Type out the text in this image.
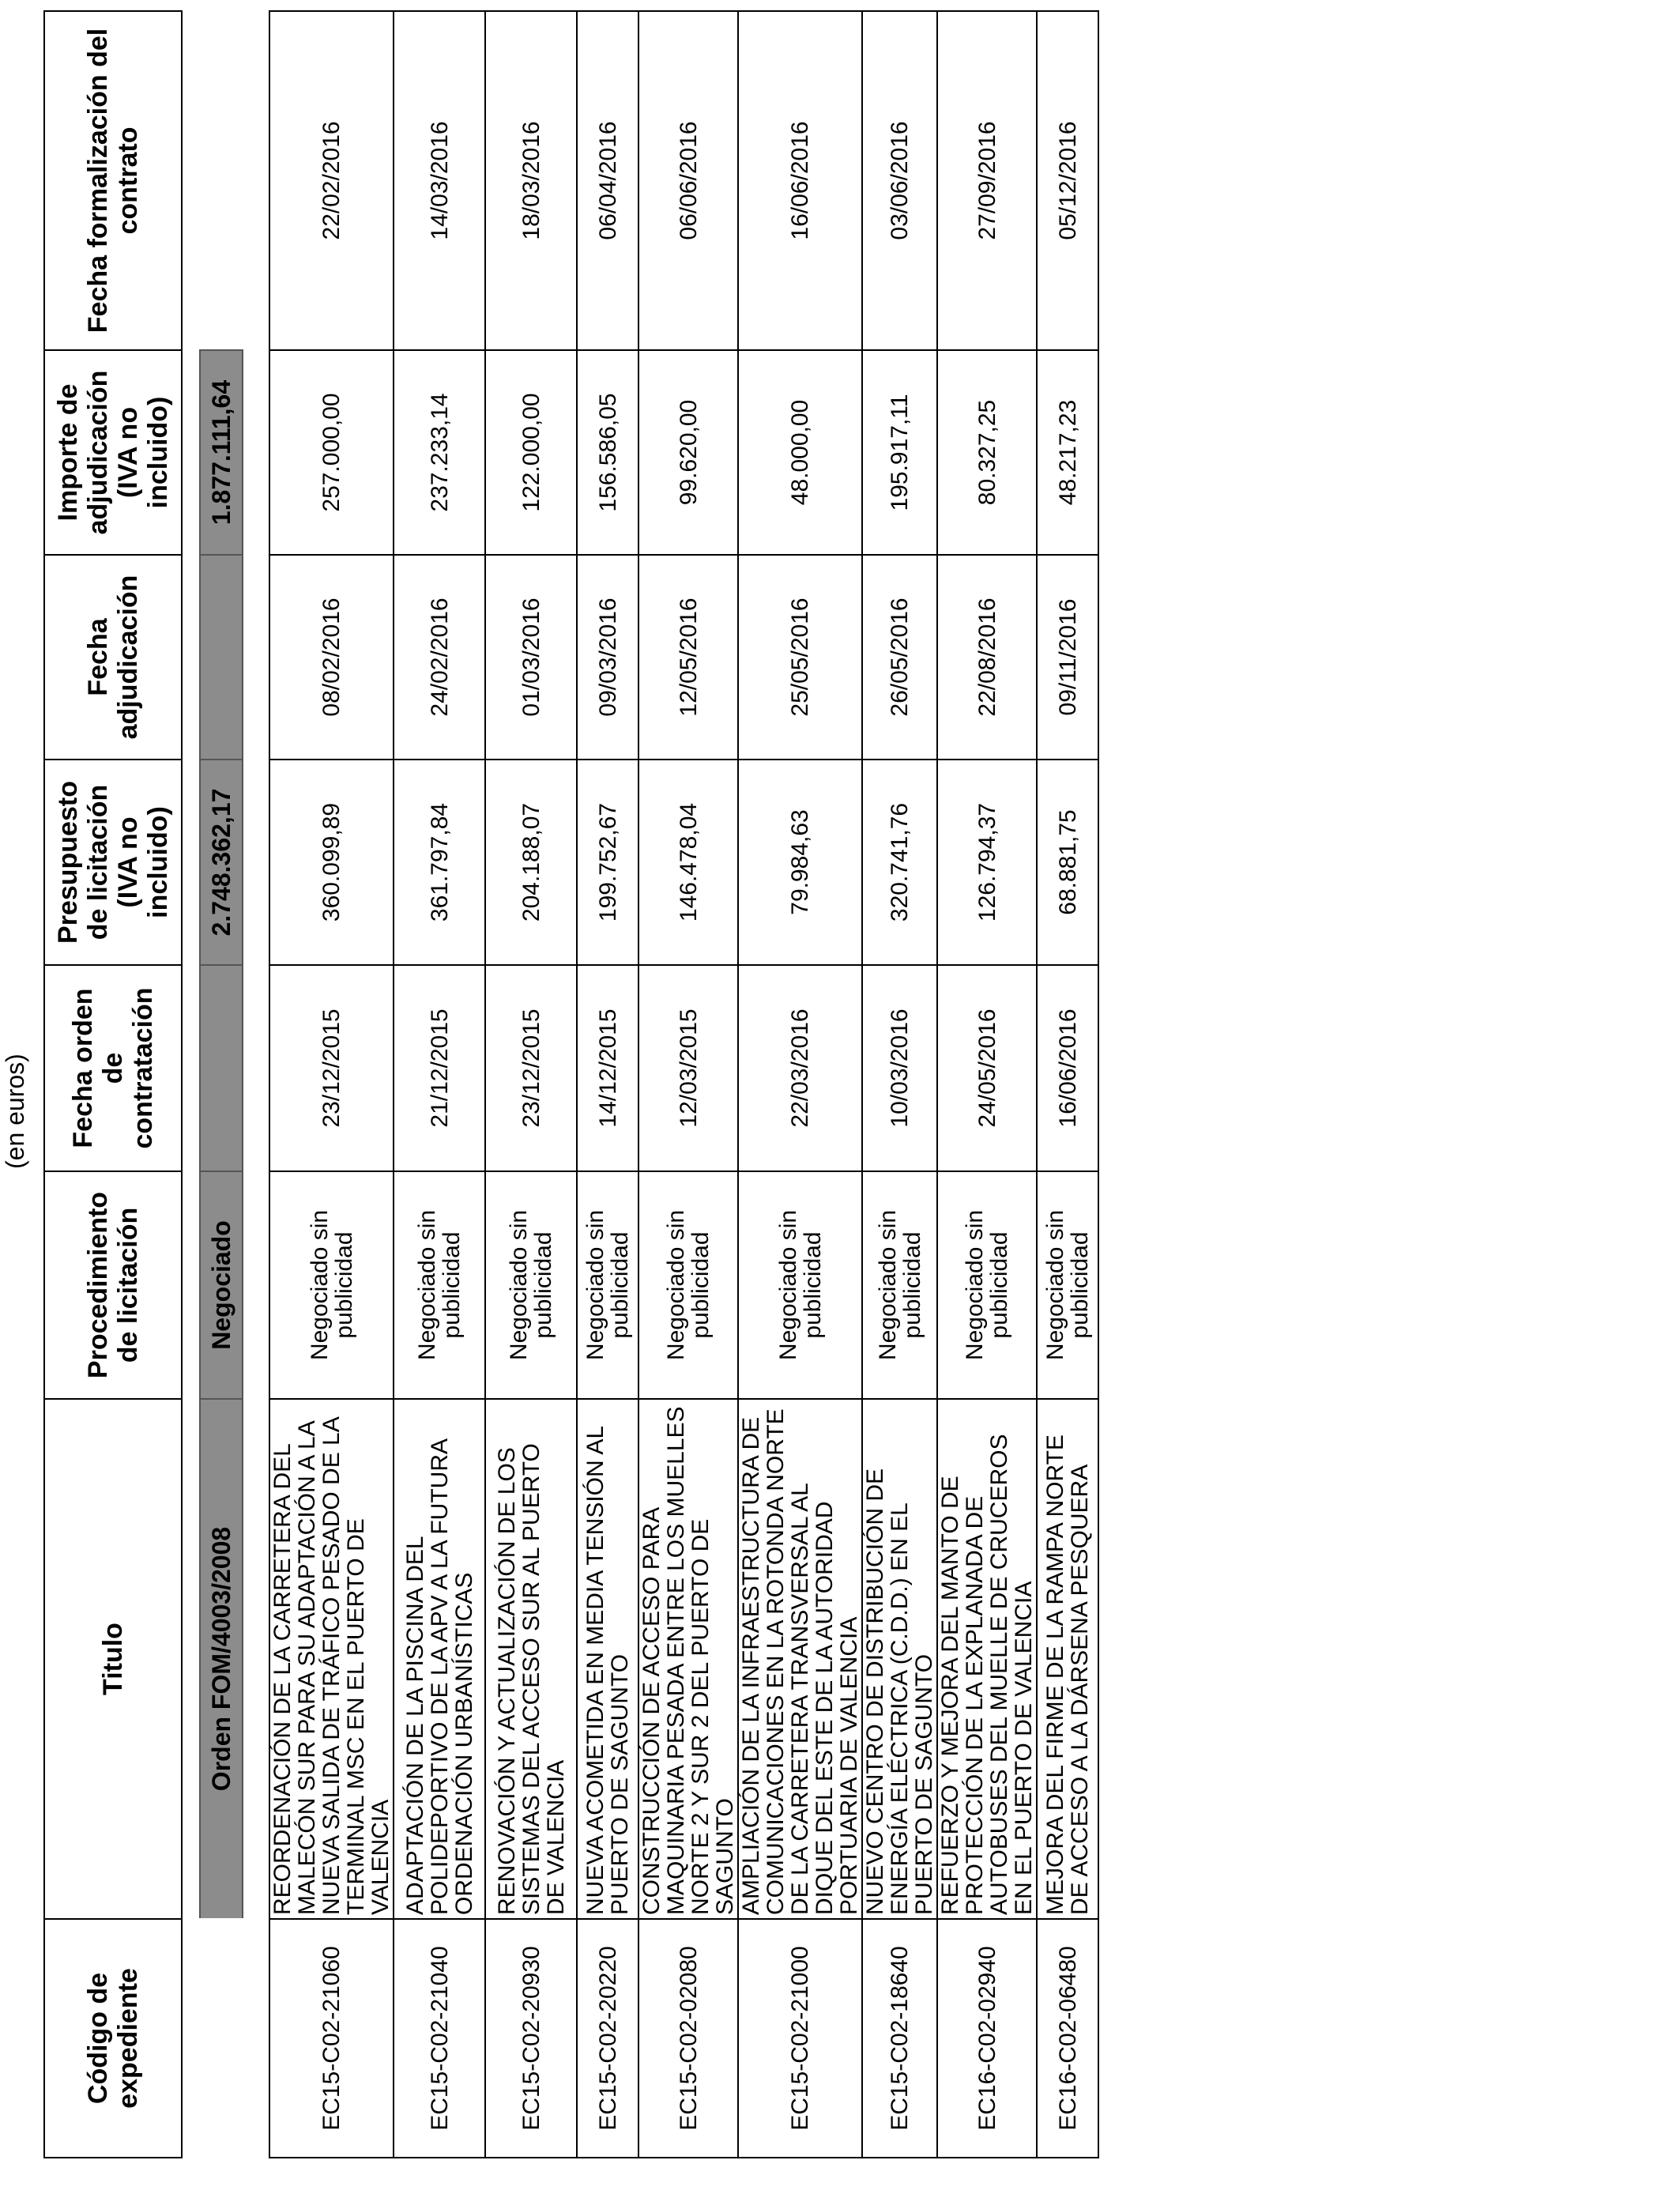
(en euros)
Código de expediente	Titulo	Procedimiento de licitación	Fecha orden de contratación	Presupuesto de licitación (IVA no incluido)	Fecha adjudicación	Importe de adjudicación (IVA no incluido)	Fecha formalización del contrato
	Orden FOM/4003/2008	Negociado		2.748.362,17		1.877.111,64	
EC15-C02-21060	REORDENACIÓN DE LA CARRETERA DEL MALECÓN SUR PARA SU ADAPTACIÓN A LA NUEVA SALIDA DE TRÁFICO PESADO DE LA TERMINAL MSC EN EL PUERTO DE VALENCIA	Negociado sin publicidad	23/12/2015	360.099,89	08/02/2016	257.000,00	22/02/2016
EC15-C02-21040	ADAPTACIÓN DE LA PISCINA DEL POLIDEPORTIVO DE LA APV A LA FUTURA ORDENACIÓN URBANÍSTICAS	Negociado sin publicidad	21/12/2015	361.797,84	24/02/2016	237.233,14	14/03/2016
EC15-C02-20930	RENOVACIÓN Y ACTUALIZACIÓN DE LOS SISTEMAS DEL ACCESO SUR AL PUERTO DE VALENCIA	Negociado sin publicidad	23/12/2015	204.188,07	01/03/2016	122.000,00	18/03/2016
EC15-C02-20220	NUEVA ACOMETIDA EN MEDIA TENSIÓN AL PUERTO DE SAGUNTO	Negociado sin publicidad	14/12/2015	199.752,67	09/03/2016	156.586,05	06/04/2016
EC15-C02-02080	CONSTRUCCIÓN DE ACCESO PARA MAQUINARIA PESADA ENTRE LOS MUELLES NORTE 2 Y SUR 2 DEL PUERTO DE SAGUNTO	Negociado sin publicidad	12/03/2015	146.478,04	12/05/2016	99.620,00	06/06/2016
EC15-C02-21000	AMPLIACIÓN DE LA INFRAESTRUCTURA DE COMUNICACIONES EN LA ROTONDA NORTE DE LA CARRETERA TRANSVERSAL AL DIQUE DEL ESTE DE LA AUTORIDAD PORTUARIA DE VALENCIA	Negociado sin publicidad	22/03/2016	79.984,63	25/05/2016	48.000,00	16/06/2016
EC15-C02-18640	NUEVO CENTRO DE DISTRIBUCIÓN DE ENERGÍA ELÉCTRICA (C.D.D.) EN EL PUERTO DE SAGUNTO	Negociado sin publicidad	10/03/2016	320.741,76	26/05/2016	195.917,11	03/06/2016
EC16-C02-02940	REFUERZO Y MEJORA DEL MANTO DE PROTECCIÓN DE LA EXPLANADA DE AUTOBUSES DEL MUELLE DE CRUCEROS EN EL PUERTO DE VALENCIA	Negociado sin publicidad	24/05/2016	126.794,37	22/08/2016	80.327,25	27/09/2016
EC16-C02-06480	MEJORA DEL FIRME DE LA RAMPA NORTE DE ACCESO A LA DÁRSENA PESQUERA	Negociado sin publicidad	16/06/2016	68.881,75	09/11/2016	48.217,23	05/12/2016
